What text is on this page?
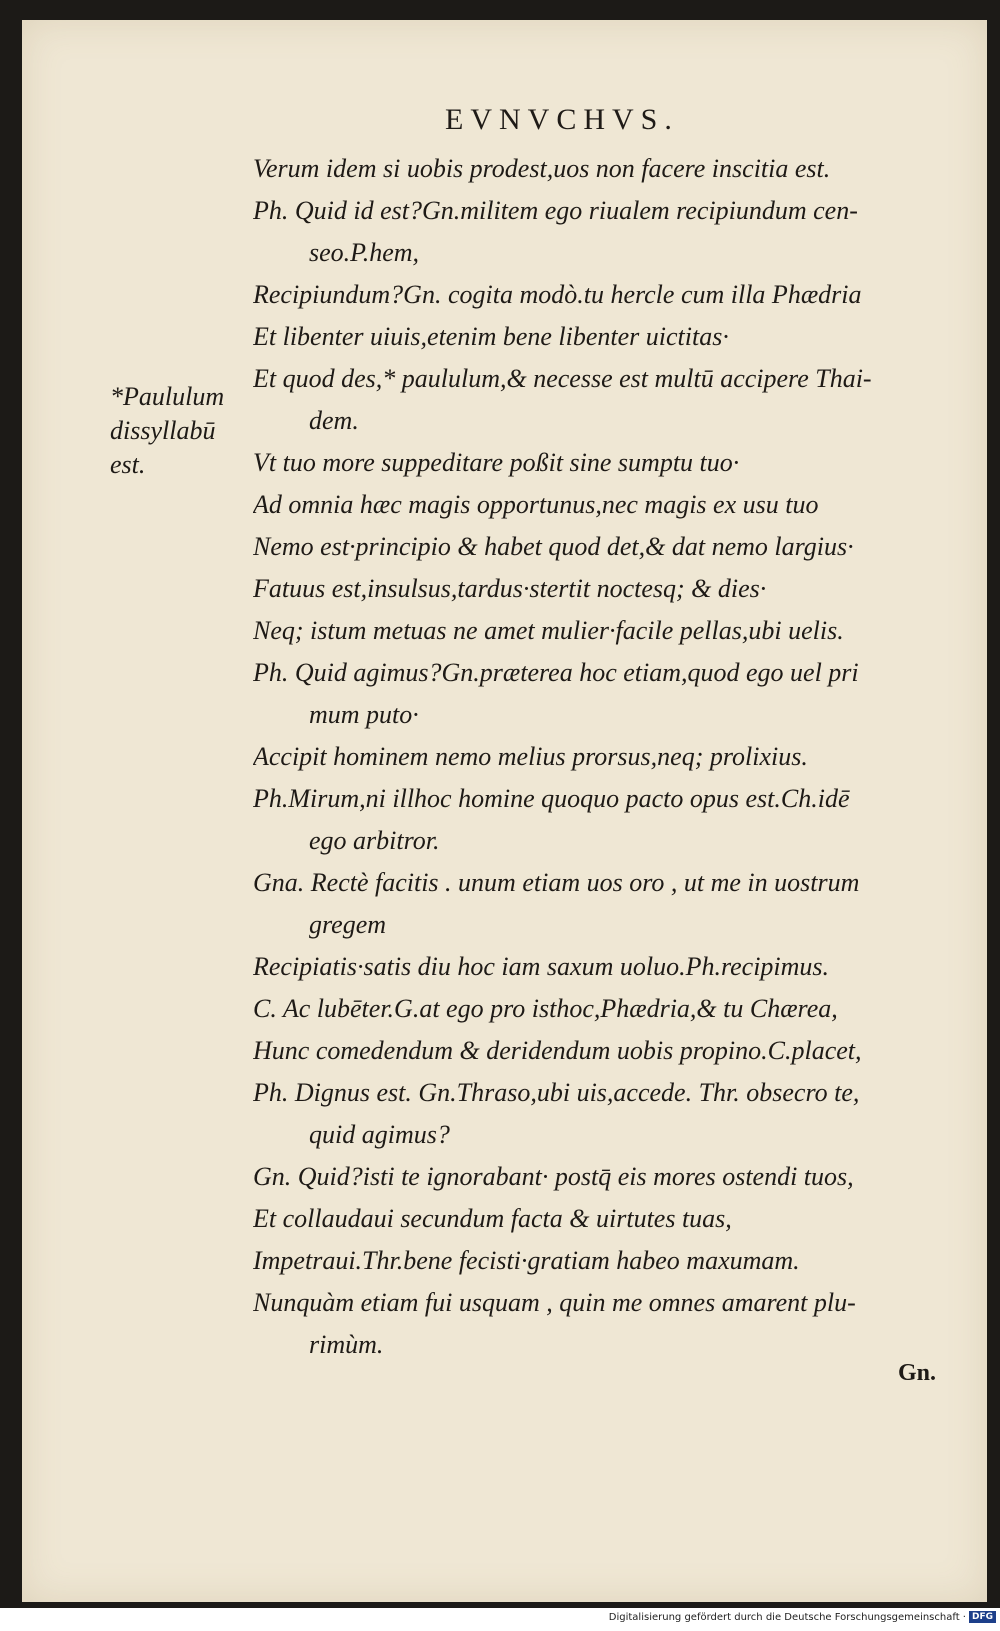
EVNVCHVS.
*Paululum
dissyllabū
est.
Verum idem si uobis prodest,uos non facere inscitia est.
Ph. Quid id est?Gn.militem ego riualem recipiundum cen-
seo.P.hem,
Recipiundum?Gn. cogita modò.tu hercle cum illa Phædria
Et libenter uiuis,etenim bene libenter uictitas·
Et quod des,* paululum,& necesse est multū accipere Thai-
dem.
Vt tuo more suppeditare poßit sine sumptu tuo·
Ad omnia hæc magis opportunus,nec magis ex usu tuo
Nemo est·principio & habet quod det,& dat nemo largius·
Fatuus est,insulsus,tardus·stertit noctesq; & dies·
Neq; istum metuas ne amet mulier·facile pellas,ubi uelis.
Ph. Quid agimus?Gn.præterea hoc etiam,quod ego uel pri
mum puto·
Accipit hominem nemo melius prorsus,neq; prolixius.
Ph.Mirum,ni illhoc homine quoquo pacto opus est.Ch.idē
ego arbitror.
Gna. Rectè facitis . unum etiam uos oro , ut me in uostrum
gregem
Recipiatis·satis diu hoc iam saxum uoluo.Ph.recipimus.
C. Ac lubēter.G.at ego pro isthoc,Phædria,& tu Chærea,
Hunc comedendum & deridendum uobis propino.C.placet,
Ph. Dignus est. Gn.Thraso,ubi uis,accede. Thr. obsecro te,
quid agimus?
Gn. Quid?isti te ignorabant· postq̄ eis mores ostendi tuos,
Et collaudaui secundum facta & uirtutes tuas,
Impetraui.Thr.bene fecisti·gratiam habeo maxumam.
Nunquàm etiam fui usquam , quin me omnes amarent plu-
rimùm.
Gn.
Digitalisierung gefördert durch die Deutsche Forschungsgemeinschaft · DFG
